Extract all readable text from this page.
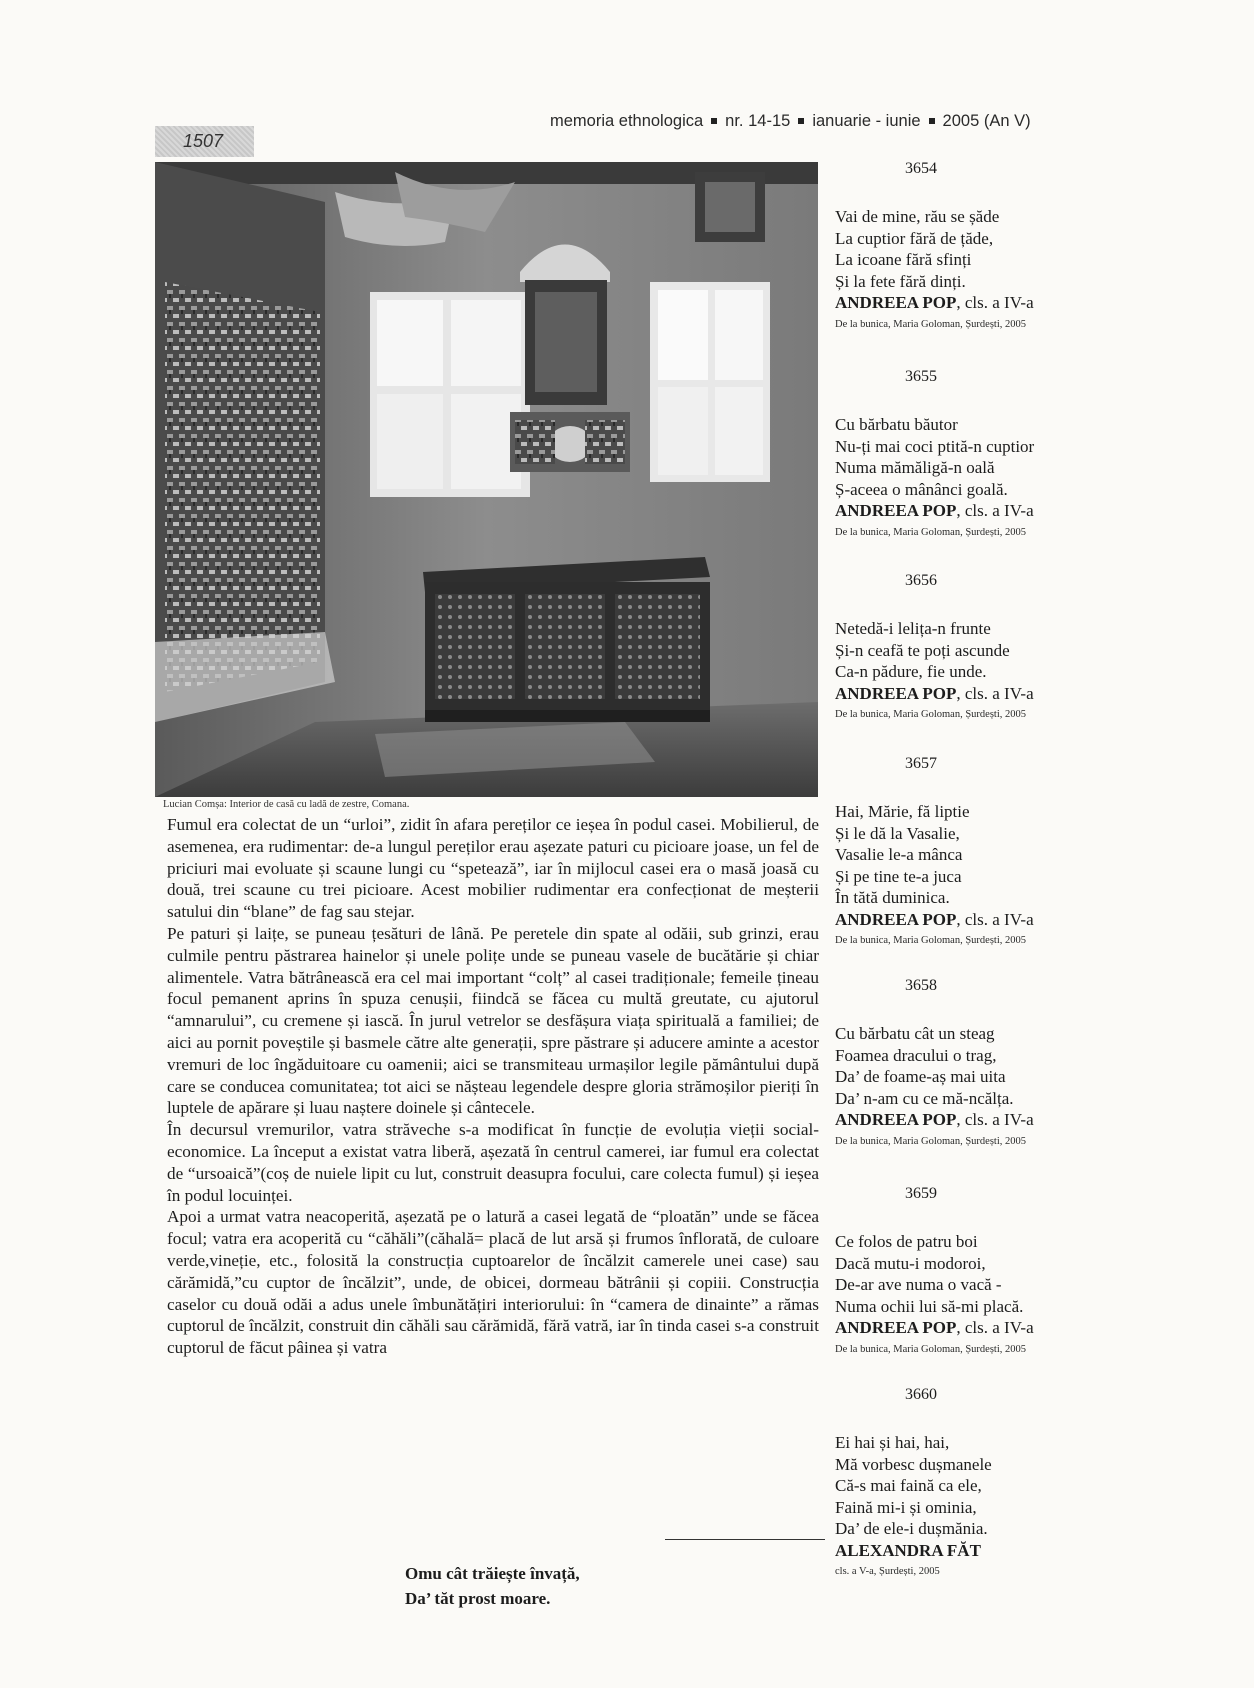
1507
memoria ethnologica nr. 14-15 ianuarie - iunie 2005 (An V)
Lucian Comșa: Interior de casă cu ladă de zestre, Comana.

Fumul era colectat de un “urloi”, zidit în afara pereților ce ieșea în podul casei. Mobilierul, de asemenea, era rudimentar: de-a lungul pereților erau așezate paturi cu picioare joase, un fel de priciuri mai evoluate și scaune lungi cu “spetează”, iar în mijlocul casei era o masă joasă cu două, trei scaune cu trei picioare. Acest mobilier rudimentar era confecționat de meșterii satului din “blane” de fag sau stejar.

Pe paturi și laițe, se puneau țesături de lână. Pe peretele din spate al odăii, sub grinzi, erau culmile pentru păstrarea hainelor și unele polițe unde se puneau vasele de bucătărie și chiar alimentele. Vatra bătrânească era cel mai important “colț” al casei tradiționale; femeile țineau focul pemanent aprins în spuza cenușii, fiindcă se făcea cu multă greutate, cu ajutorul “amnarului”, cu cremene și iască. În jurul vetrelor se desfășura viața spirituală a familiei; de aici au pornit poveștile și basmele către alte generații, spre păstrare și aducere aminte a acestor vremuri de loc îngăduitoare cu oamenii; aici se transmiteau urmașilor legile pământului după care se conducea comunitatea; tot aici se nășteau legendele despre gloria strămoșilor pieriți în luptele de apărare și luau naștere doinele și cântecele.

În decursul vremurilor, vatra străveche s-a modificat în funcție de evoluția vieții social-economice. La început a existat vatra liberă, așezată în centrul camerei, iar fumul era colectat de “ursoaică”(coș de nuiele lipit cu lut, construit deasupra focului, care colecta fumul) și ieșea în podul locuinței.

Apoi a urmat vatra neacoperită, așezată pe o latură a casei legată de “ploatăn” unde se făcea focul; vatra era acoperită cu “căhăli”(căhală= placă de lut arsă și frumos înflorată, de culoare verde,vineție, etc., folosită la construcția cuptoarelor de încălzit camerele unei case) sau cărămidă,”cu cuptor de încălzit”, unde, de obicei, dormeau bătrânii și copiii. Construcția caselor cu două odăi a adus unele îmbunătățiri interiorului: în “camera de dinainte” a rămas cuptorul de încălzit, construit din căhăli sau cărămidă, fără vatră, iar în tinda casei s-a construit cuptorul de făcut pâinea și vatra

Omu cât trăiește învață,
Da’ tăt prost moare.
3654
Vai de mine, rău se șăde
La cuptior fără de țăde,
La icoane fără sfinți
Și la fete fără dinți.
ANDREEA POP, cls. a IV-a
De la bunica, Maria Goloman, Șurdești, 2005
3655
Cu bărbatu băutor
Nu-ți mai coci ptită-n cuptior
Numa mămăligă-n oală
Ș-aceea o mânânci goală.
ANDREEA POP, cls. a IV-a
De la bunica, Maria Goloman, Șurdești, 2005
3656
Netedă-i lelița-n frunte
Și-n ceafă te poți ascunde
Ca-n pădure, fie unde.
ANDREEA POP, cls. a IV-a
De la bunica, Maria Goloman, Șurdești, 2005
3657
Hai, Mărie, fă liptie
Și le dă la Vasalie,
Vasalie le-a mânca
Și pe tine te-a juca
În tătă duminica.
ANDREEA POP, cls. a IV-a
De la bunica, Maria Goloman, Șurdești, 2005
3658
Cu bărbatu cât un steag
Foamea dracului o trag,
Da’ de foame-aș mai uita
Da’ n-am cu ce mă-ncălța.
ANDREEA POP, cls. a IV-a
De la bunica, Maria Goloman, Șurdești, 2005
3659
Ce folos de patru boi
Dacă mutu-i modoroi,
De-ar ave numa o vacă -
Numa ochii lui să-mi placă.
ANDREEA POP, cls. a IV-a
De la bunica, Maria Goloman, Șurdești, 2005
3660
Ei hai și hai, hai,
Mă vorbesc dușmanele
Că-s mai faină ca ele,
Faină mi-i și ominia,
Da’ de ele-i dușmănia.
ALEXANDRA FĂT
cls. a V-a, Șurdești, 2005
